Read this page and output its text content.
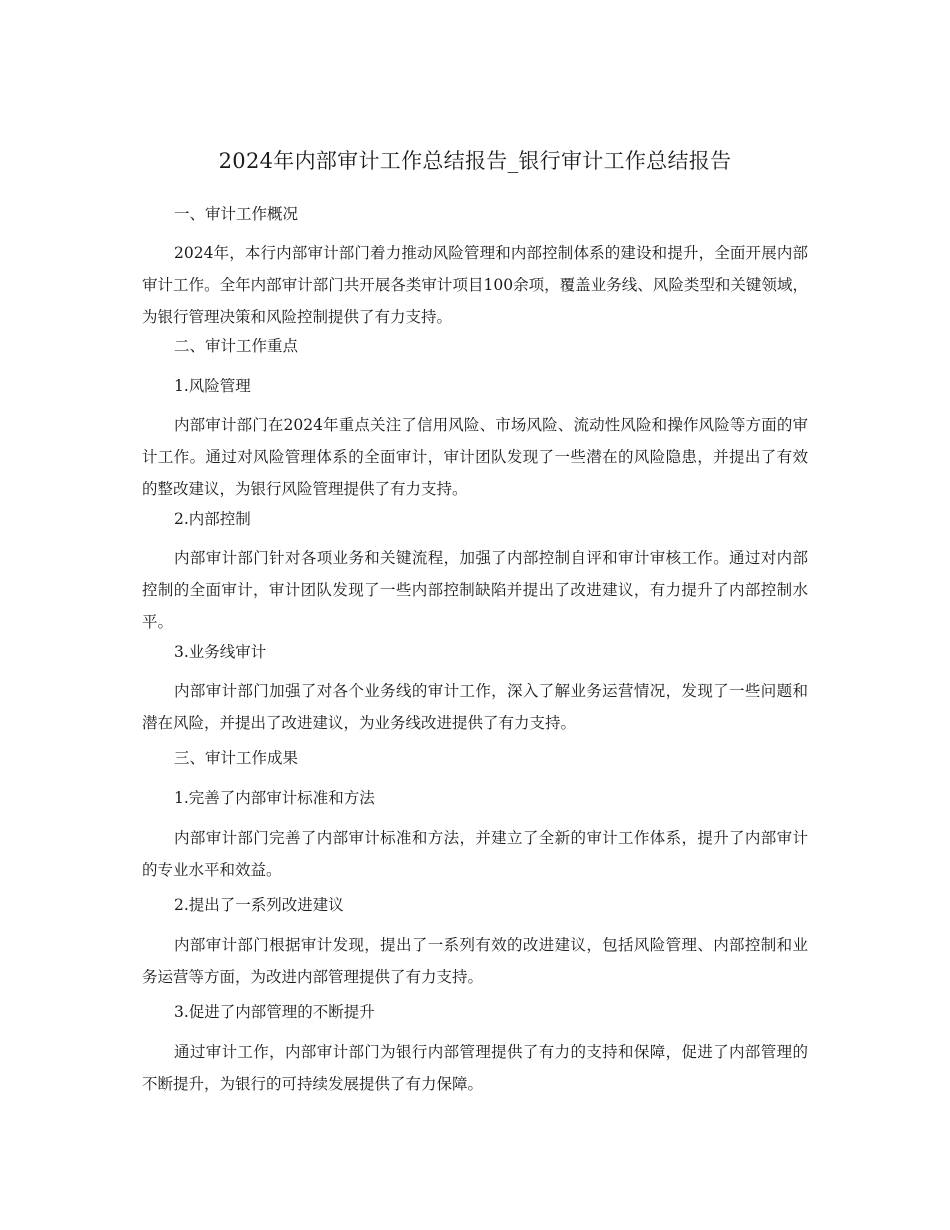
2024年内部审计工作总结报告_银行审计工作总结报告
一、审计工作概况
2024年，本行内部审计部门着力推动风险管理和内部控制体系的建设和提升，全面开展内部审计工作。全年内部审计部门共开展各类审计项目100余项，覆盖业务线、风险类型和关键领域，为银行管理决策和风险控制提供了有力支持。
二、审计工作重点
1.风险管理
内部审计部门在2024年重点关注了信用风险、市场风险、流动性风险和操作风险等方面的审计工作。通过对风险管理体系的全面审计，审计团队发现了一些潜在的风险隐患，并提出了有效的整改建议，为银行风险管理提供了有力支持。
2.内部控制
内部审计部门针对各项业务和关键流程，加强了内部控制自评和审计审核工作。通过对内部控制的全面审计，审计团队发现了一些内部控制缺陷并提出了改进建议，有力提升了内部控制水平。
3.业务线审计
内部审计部门加强了对各个业务线的审计工作，深入了解业务运营情况，发现了一些问题和潜在风险，并提出了改进建议，为业务线改进提供了有力支持。
三、审计工作成果
1.完善了内部审计标准和方法
内部审计部门完善了内部审计标准和方法，并建立了全新的审计工作体系，提升了内部审计的专业水平和效益。
2.提出了一系列改进建议
内部审计部门根据审计发现，提出了一系列有效的改进建议，包括风险管理、内部控制和业务运营等方面，为改进内部管理提供了有力支持。
3.促进了内部管理的不断提升
通过审计工作，内部审计部门为银行内部管理提供了有力的支持和保障，促进了内部管理的不断提升，为银行的可持续发展提供了有力保障。
